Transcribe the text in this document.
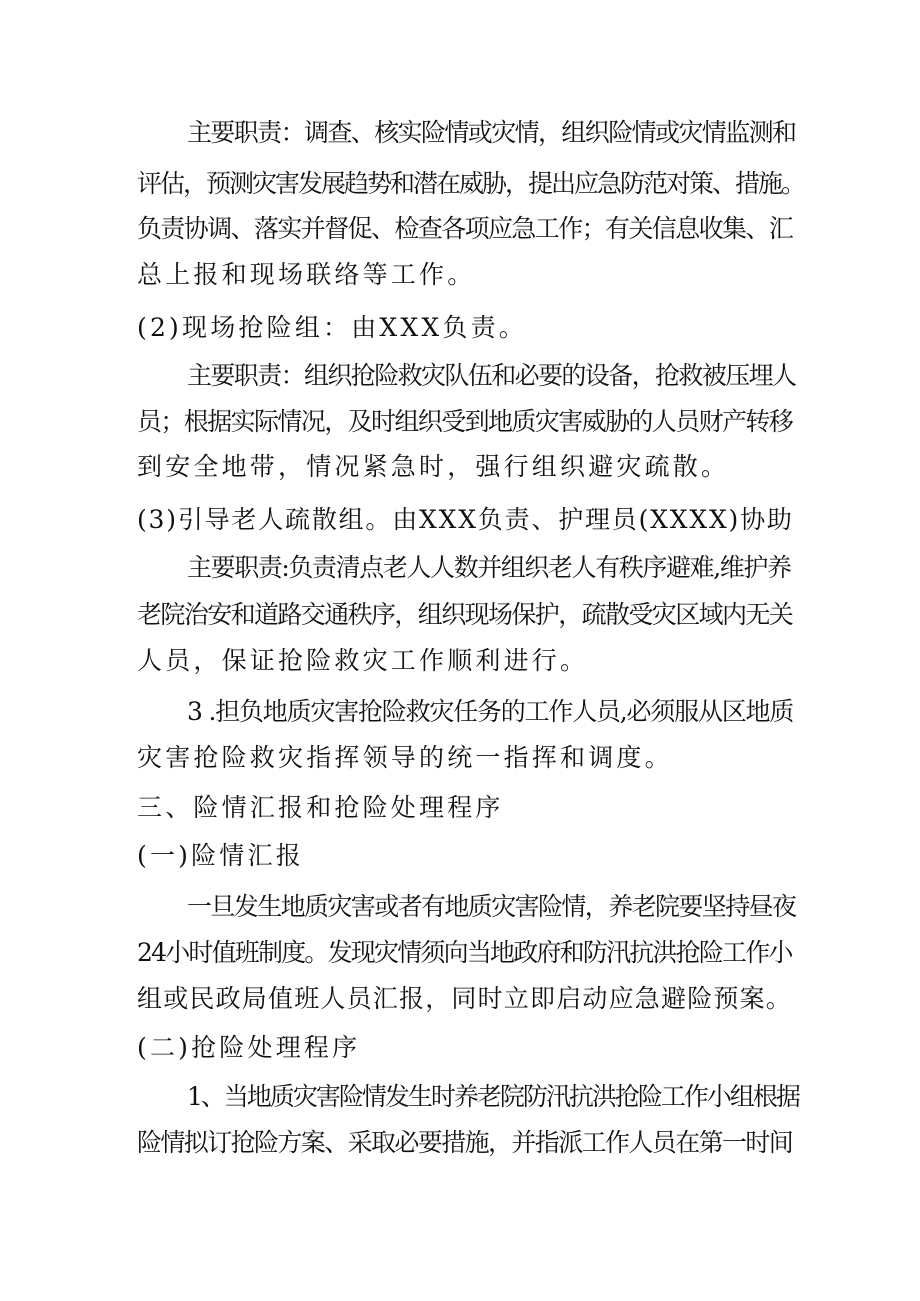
主要职责：调查、核实险情或灾情，组织险情或灾情监测和
评估，预测灾害发展趋势和潜在威胁，提出应急防范对策、措施。
负责协调、落实并督促、检查各项应急工作；有关信息收集、汇
总上报和现场联络等工作。
(2)现场抢险组：由XXX负责。
主要职责：组织抢险救灾队伍和必要的设备，抢救被压埋人
员；根据实际情况，及时组织受到地质灾害威胁的人员财产转移
到安全地带，情况紧急时，强行组织避灾疏散。
(3)引导老人疏散组。由XXX负责、护理员(XXXX)协助
主要职责:负责清点老人人数并组织老人有秩序避难,维护养
老院治安和道路交通秩序，组织现场保护，疏散受灾区域内无关
人员，保证抢险救灾工作顺利进行。
3 .担负地质灾害抢险救灾任务的工作人员,必须服从区地质
灾害抢险救灾指挥领导的统一指挥和调度。
三、险情汇报和抢险处理程序
(一)险情汇报
一旦发生地质灾害或者有地质灾害险情，养老院要坚持昼夜
24小时值班制度。发现灾情须向当地政府和防汛抗洪抢险工作小
组或民政局值班人员汇报，同时立即启动应急避险预案。
(二)抢险处理程序
1、当地质灾害险情发生时养老院防汛抗洪抢险工作小组根据
险情拟订抢险方案、采取必要措施，并指派工作人员在第一时间
